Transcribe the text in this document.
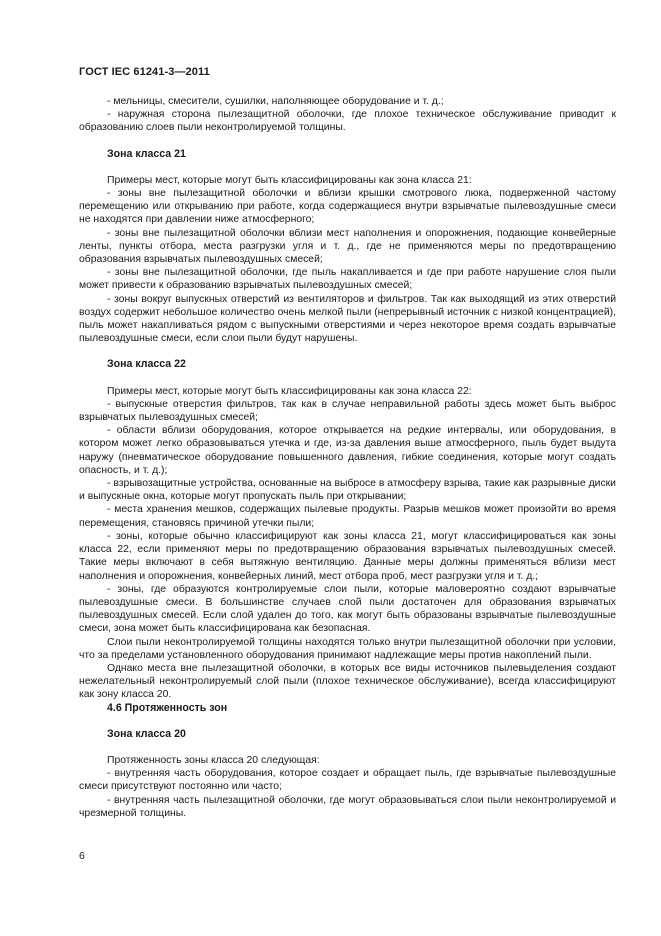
ГОСТ IEC 61241-3—2011

- мельницы, смесители, сушилки, наполняющее оборудование и т. д.;

- наружная сторона пылезащитной оболочки, где плохое техническое обслуживание приводит к образованию слоев пыли неконтролируемой толщины.

Зона класса 21

Примеры мест, которые могут быть классифицированы как зона класса 21:

- зоны вне пылезащитной оболочки и вблизи крышки смотрового люка, подверженной частому перемещению или открыванию при работе, когда содержащиеся внутри взрывчатые пылевоздушные смеси не находятся при давлении ниже атмосферного;

- зоны вне пылезащитной оболочки вблизи мест наполнения и опорожнения, подающие конвейерные ленты, пункты отбора, места разгрузки угля и т. д., где не применяются меры по предотвращению образования взрывчатых пылевоздушных смесей;

- зоны вне пылезащитной оболочки, где пыль накапливается и где при работе нарушение слоя пыли может привести к образованию взрывчатых пылевоздушных смесей;

- зоны вокруг выпускных отверстий из вентиляторов и фильтров. Так как выходящий из этих отверстий воздух содержит небольшое количество очень мелкой пыли (непрерывный источник с низкой концентрацией), пыль может накапливаться рядом с выпускными отверстиями и через некоторое время создать взрывчатые пылевоздушные смеси, если слои пыли будут нарушены.

Зона класса 22

Примеры мест, которые могут быть классифицированы как зона класса 22:

- выпускные отверстия фильтров, так как в случае неправильной работы здесь может быть выброс взрывчатых пылевоздушных смесей;

- области вблизи оборудования, которое открывается на редкие интервалы, или оборудования, в котором может легко образовываться утечка и где, из-за давления выше атмосферного, пыль будет выдута наружу (пневматическое оборудование повышенного давления, гибкие соединения, которые могут создать опасность, и т. д.);

- взрывозащитные устройства, основанные на выбросе в атмосферу взрыва, такие как разрывные диски и выпускные окна, которые могут пропускать пыль при открывании;

- места хранения мешков, содержащих пылевые продукты. Разрыв мешков может произойти во время перемещения, становясь причиной утечки пыли;

- зоны, которые обычно классифицируют как зоны класса 21, могут классифицироваться как зоны класса 22, если применяют меры по предотвращению образования взрывчатых пылевоздушных смесей. Такие меры включают в себя вытяжную вентиляцию. Данные меры должны применяться вблизи мест наполнения и опорожнения, конвейерных линий, мест отбора проб, мест разгрузки угля и т. д.;

- зоны, где образуются контролируемые слои пыли, которые маловероятно создают взрывчатые пылевоздушные смеси. В большинстве случаев слой пыли достаточен для образования взрывчатых пылевоздушных смесей. Если слой удален до того, как могут быть образованы взрывчатые пылевоздушные смеси, зона может быть классифицирована как безопасная.

Слои пыли неконтролируемой толщины находятся только внутри пылезащитной оболочки при условии, что за пределами установленного оборудования принимают надлежащие меры против накоплений пыли.

Однако места вне пылезащитной оболочки, в которых все виды источников пылевыделения создают нежелательный неконтролируемый слой пыли (плохое техническое обслуживание), всегда классифицируют как зону класса 20.

4.6 Протяженность зон

Зона класса 20

Протяженность зоны класса 20 следующая:

- внутренняя часть оборудования, которое создает и обращает пыль, где взрывчатые пылевоздушные смеси присутствуют постоянно или часто;

- внутренняя часть пылезащитной оболочки, где могут образовываться слои пыли неконтролируемой и чрезмерной толщины.

6
